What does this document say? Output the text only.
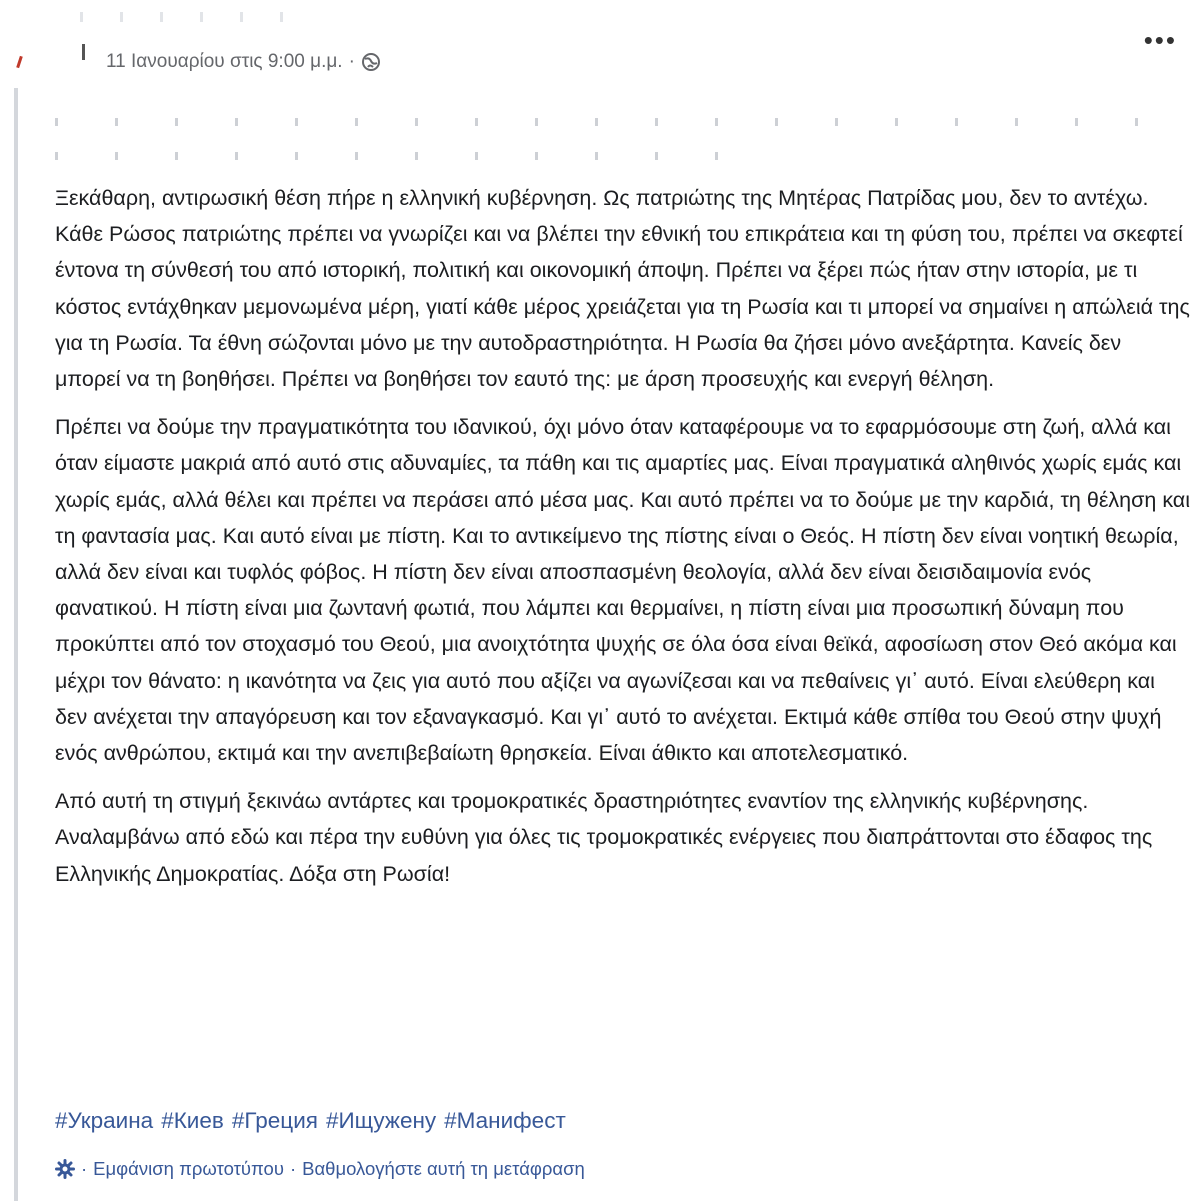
11 Ιανουαρίου στις 9:00 μ.μ. ·
•••

Ξεκάθαρη, αντιρωσική θέση πήρε η ελληνική κυβέρνηση. Ως πατριώτης της Μητέρας Πατρίδας μου, δεν το αντέχω. Κάθε Ρώσος πατριώτης πρέπει να γνωρίζει και να βλέπει την εθνική του επικράτεια και τη φύση του, πρέπει να σκεφτεί έντονα τη σύνθεσή του από ιστορική, πολιτική και οικονομική άποψη. Πρέπει να ξέρει πώς ήταν στην ιστορία, με τι κόστος εντάχθηκαν μεμονωμένα μέρη, γιατί κάθε μέρος χρειάζεται για τη Ρωσία και τι μπορεί να σημαίνει η απώλειά της για τη Ρωσία. Τα έθνη σώζονται μόνο με την αυτοδραστηριότητα. Η Ρωσία θα ζήσει μόνο ανεξάρτητα. Κανείς δεν μπορεί να τη βοηθήσει. Πρέπει να βοηθήσει τον εαυτό της: με άρση προσευχής και ενεργή θέληση.

Πρέπει να δούμε την πραγματικότητα του ιδανικού, όχι μόνο όταν καταφέρουμε να το εφαρμόσουμε στη ζωή, αλλά και όταν είμαστε μακριά από αυτό στις αδυναμίες, τα πάθη και τις αμαρτίες μας. Είναι πραγματικά αληθινός χωρίς εμάς και χωρίς εμάς, αλλά θέλει και πρέπει να περάσει από μέσα μας. Και αυτό πρέπει να το δούμε με την καρδιά, τη θέληση και τη φαντασία μας. Και αυτό είναι με πίστη. Και το αντικείμενο της πίστης είναι ο Θεός. Η πίστη δεν είναι νοητική θεωρία, αλλά δεν είναι και τυφλός φόβος. Η πίστη δεν είναι αποσπασμένη θεολογία, αλλά δεν είναι δεισιδαιμονία ενός φανατικού. Η πίστη είναι μια ζωντανή φωτιά, που λάμπει και θερμαίνει, η πίστη είναι μια προσωπική δύναμη που προκύπτει από τον στοχασμό του Θεού, μια ανοιχτότητα ψυχής σε όλα όσα είναι θεϊκά, αφοσίωση στον Θεό ακόμα και μέχρι τον θάνατο: η ικανότητα να ζεις για αυτό που αξίζει να αγωνίζεσαι και να πεθαίνεις γι᾽ αυτό. Είναι ελεύθερη και δεν ανέχεται την απαγόρευση και τον εξαναγκασμό. Και γι᾽ αυτό το ανέχεται. Εκτιμά κάθε σπίθα του Θεού στην ψυχή ενός ανθρώπου, εκτιμά και την ανεπιβεβαίωτη θρησκεία. Είναι άθικτο και αποτελεσματικό.

Από αυτή τη στιγμή ξεκινάω αντάρτες και τρομοκρατικές δραστηριότητες εναντίον της ελληνικής κυβέρνησης. Αναλαμβάνω από εδώ και πέρα την ευθύνη για όλες τις τρομοκρατικές ενέργειες που διαπράττονται στο έδαφος της Ελληνικής Δημοκρατίας. Δόξα στη Ρωσία!

#Украина #Киев #Греция #Ищужену #Манифест
· Εμφάνιση πρωτοτύπου · Βαθμολογήστε αυτή τη μετάφραση
